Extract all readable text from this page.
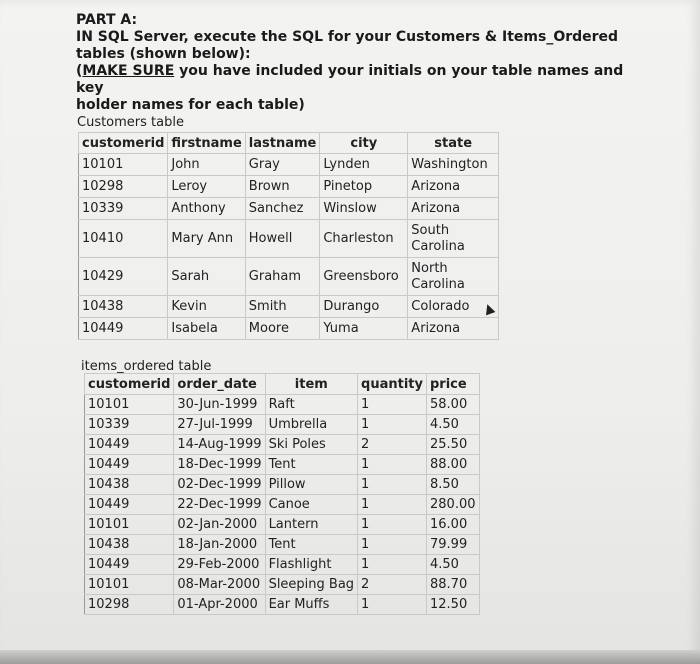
PART A:
IN SQL Server, execute the SQL for your Customers & Items_Ordered
tables (shown below):
(MAKE SURE you have included your initials on your table names and key
holder names for each table)
Customers table
customerid	firstname	lastname	city	state
10101	John	Gray	Lynden	Washington
10298	Leroy	Brown	Pinetop	Arizona
10339	Anthony	Sanchez	Winslow	Arizona
10410	Mary Ann	Howell	Charleston	South Carolina
10429	Sarah	Graham	Greensboro	North Carolina
10438	Kevin	Smith	Durango	Colorado
10449	Isabela	Moore	Yuma	Arizona
items_ordered table
customerid	order_date	item	quantity	price
10101	30-Jun-1999	Raft	1	58.00
10339	27-Jul-1999	Umbrella	1	4.50
10449	14-Aug-1999	Ski Poles	2	25.50
10449	18-Dec-1999	Tent	1	88.00
10438	02-Dec-1999	Pillow	1	8.50
10449	22-Dec-1999	Canoe	1	280.00
10101	02-Jan-2000	Lantern	1	16.00
10438	18-Jan-2000	Tent	1	79.99
10449	29-Feb-2000	Flashlight	1	4.50
10101	08-Mar-2000	Sleeping Bag	2	88.70
10298	01-Apr-2000	Ear Muffs	1	12.50
